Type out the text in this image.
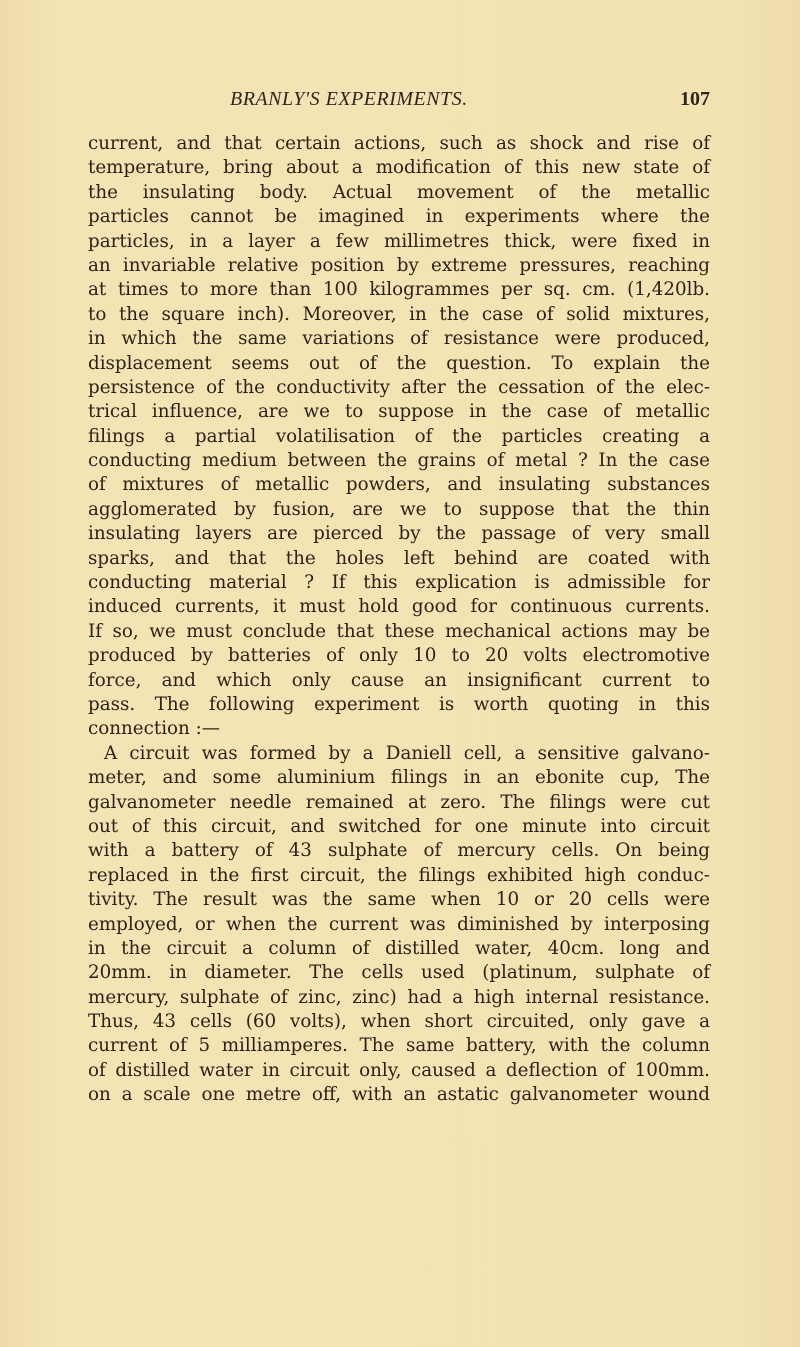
BRANLY'S EXPERIMENTS.	107
current, and that certain actions, such as shock and rise of
temperature, bring about a modification of this new state of
the insulating body. Actual movement of the metallic
particles cannot be imagined in experiments where the
particles, in a layer a few millimetres thick, were fixed in
an invariable relative position by extreme pressures, reaching
at times to more than 100 kilogrammes per sq. cm. (1,420lb.
to the square inch). Moreover, in the case of solid mixtures,
in which the same variations of resistance were produced,
displacement seems out of the question. To explain the
persistence of the conductivity after the cessation of the elec-
trical influence, are we to suppose in the case of metallic
filings a partial volatilisation of the particles creating a
conducting medium between the grains of metal ? In the case
of mixtures of metallic powders, and insulating substances
agglomerated by fusion, are we to suppose that the thin
insulating layers are pierced by the passage of very small
sparks, and that the holes left behind are coated with
conducting material ? If this explication is admissible for
induced currents, it must hold good for continuous currents.
If so, we must conclude that these mechanical actions may be
produced by batteries of only 10 to 20 volts electromotive
force, and which only cause an insignificant current to
pass. The following experiment is worth quoting in this
connection :—
A circuit was formed by a Daniell cell, a sensitive galvano-
meter, and some aluminium filings in an ebonite cup, The
galvanometer needle remained at zero. The filings were cut
out of this circuit, and switched for one minute into circuit
with a battery of 43 sulphate of mercury cells. On being
replaced in the first circuit, the filings exhibited high conduc-
tivity. The result was the same when 10 or 20 cells were
employed, or when the current was diminished by interposing
in the circuit a column of distilled water, 40cm. long and
20mm. in diameter. The cells used (platinum, sulphate of
mercury, sulphate of zinc, zinc) had a high internal resistance.
Thus, 43 cells (60 volts), when short circuited, only gave a
current of 5 milliamperes. The same battery, with the column
of distilled water in circuit only, caused a deflection of 100mm.
on a scale one metre off, with an astatic galvanometer wound
